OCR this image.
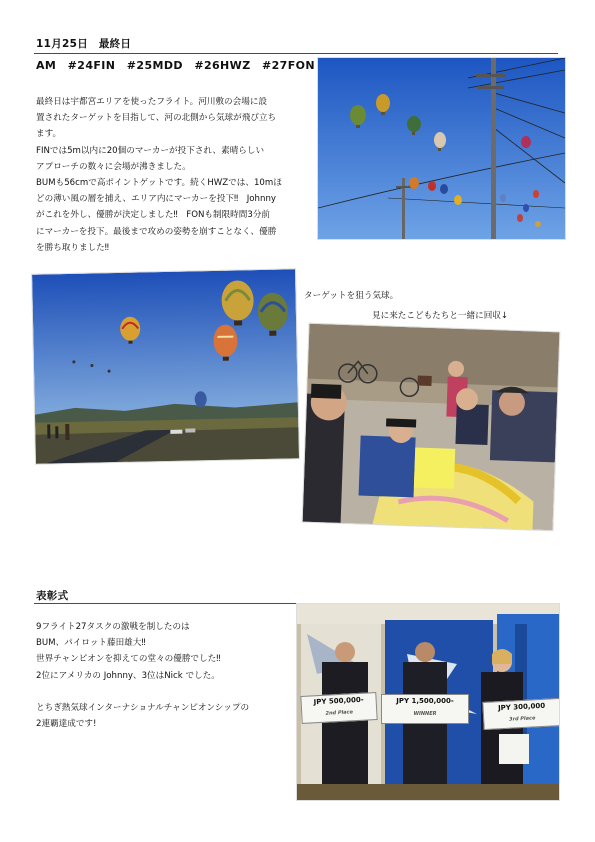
11月25日　最終日
AM　#24FIN　#25MDD　#26HWZ　#27FON

最終日は宇都宮エリアを使ったフライト。河川敷の会場に設

置されたターゲットを目指して、河の北側から気球が飛び立ち

ます。

FINでは5m以内に20個のマーカーが投下され、素晴らしい

アプローチの数々に会場が沸きました。

BUMも56cmで高ポイントゲットです。続くHWZでは、10mほ

どの薄い風の層を捕え、エリア内にマーカーを投下‼　Johnny

がこれを外し、優勝が決定しました‼　FONも制限時間3分前

にマーカーを投下。最後まで攻めの姿勢を崩すことなく、優勝

を勝ち取りました‼

ターゲットを狙う気球。
見に来たこどもたちと一緒に回収↓
表彰式

9フライト27タスクの激戦を制したのは

BUM、パイロット藤田雄大‼

世界チャンピオンを抑えての堂々の優勝でした‼

2位にアメリカの Johnny、3位はNick でした。

とちぎ熱気球インターナショナルチャンピオンシップの

2連覇達成です!

JPY 500,000-
2nd Place
JPY 1,500,000-
WINNER
JPY 300,000
3rd Place
